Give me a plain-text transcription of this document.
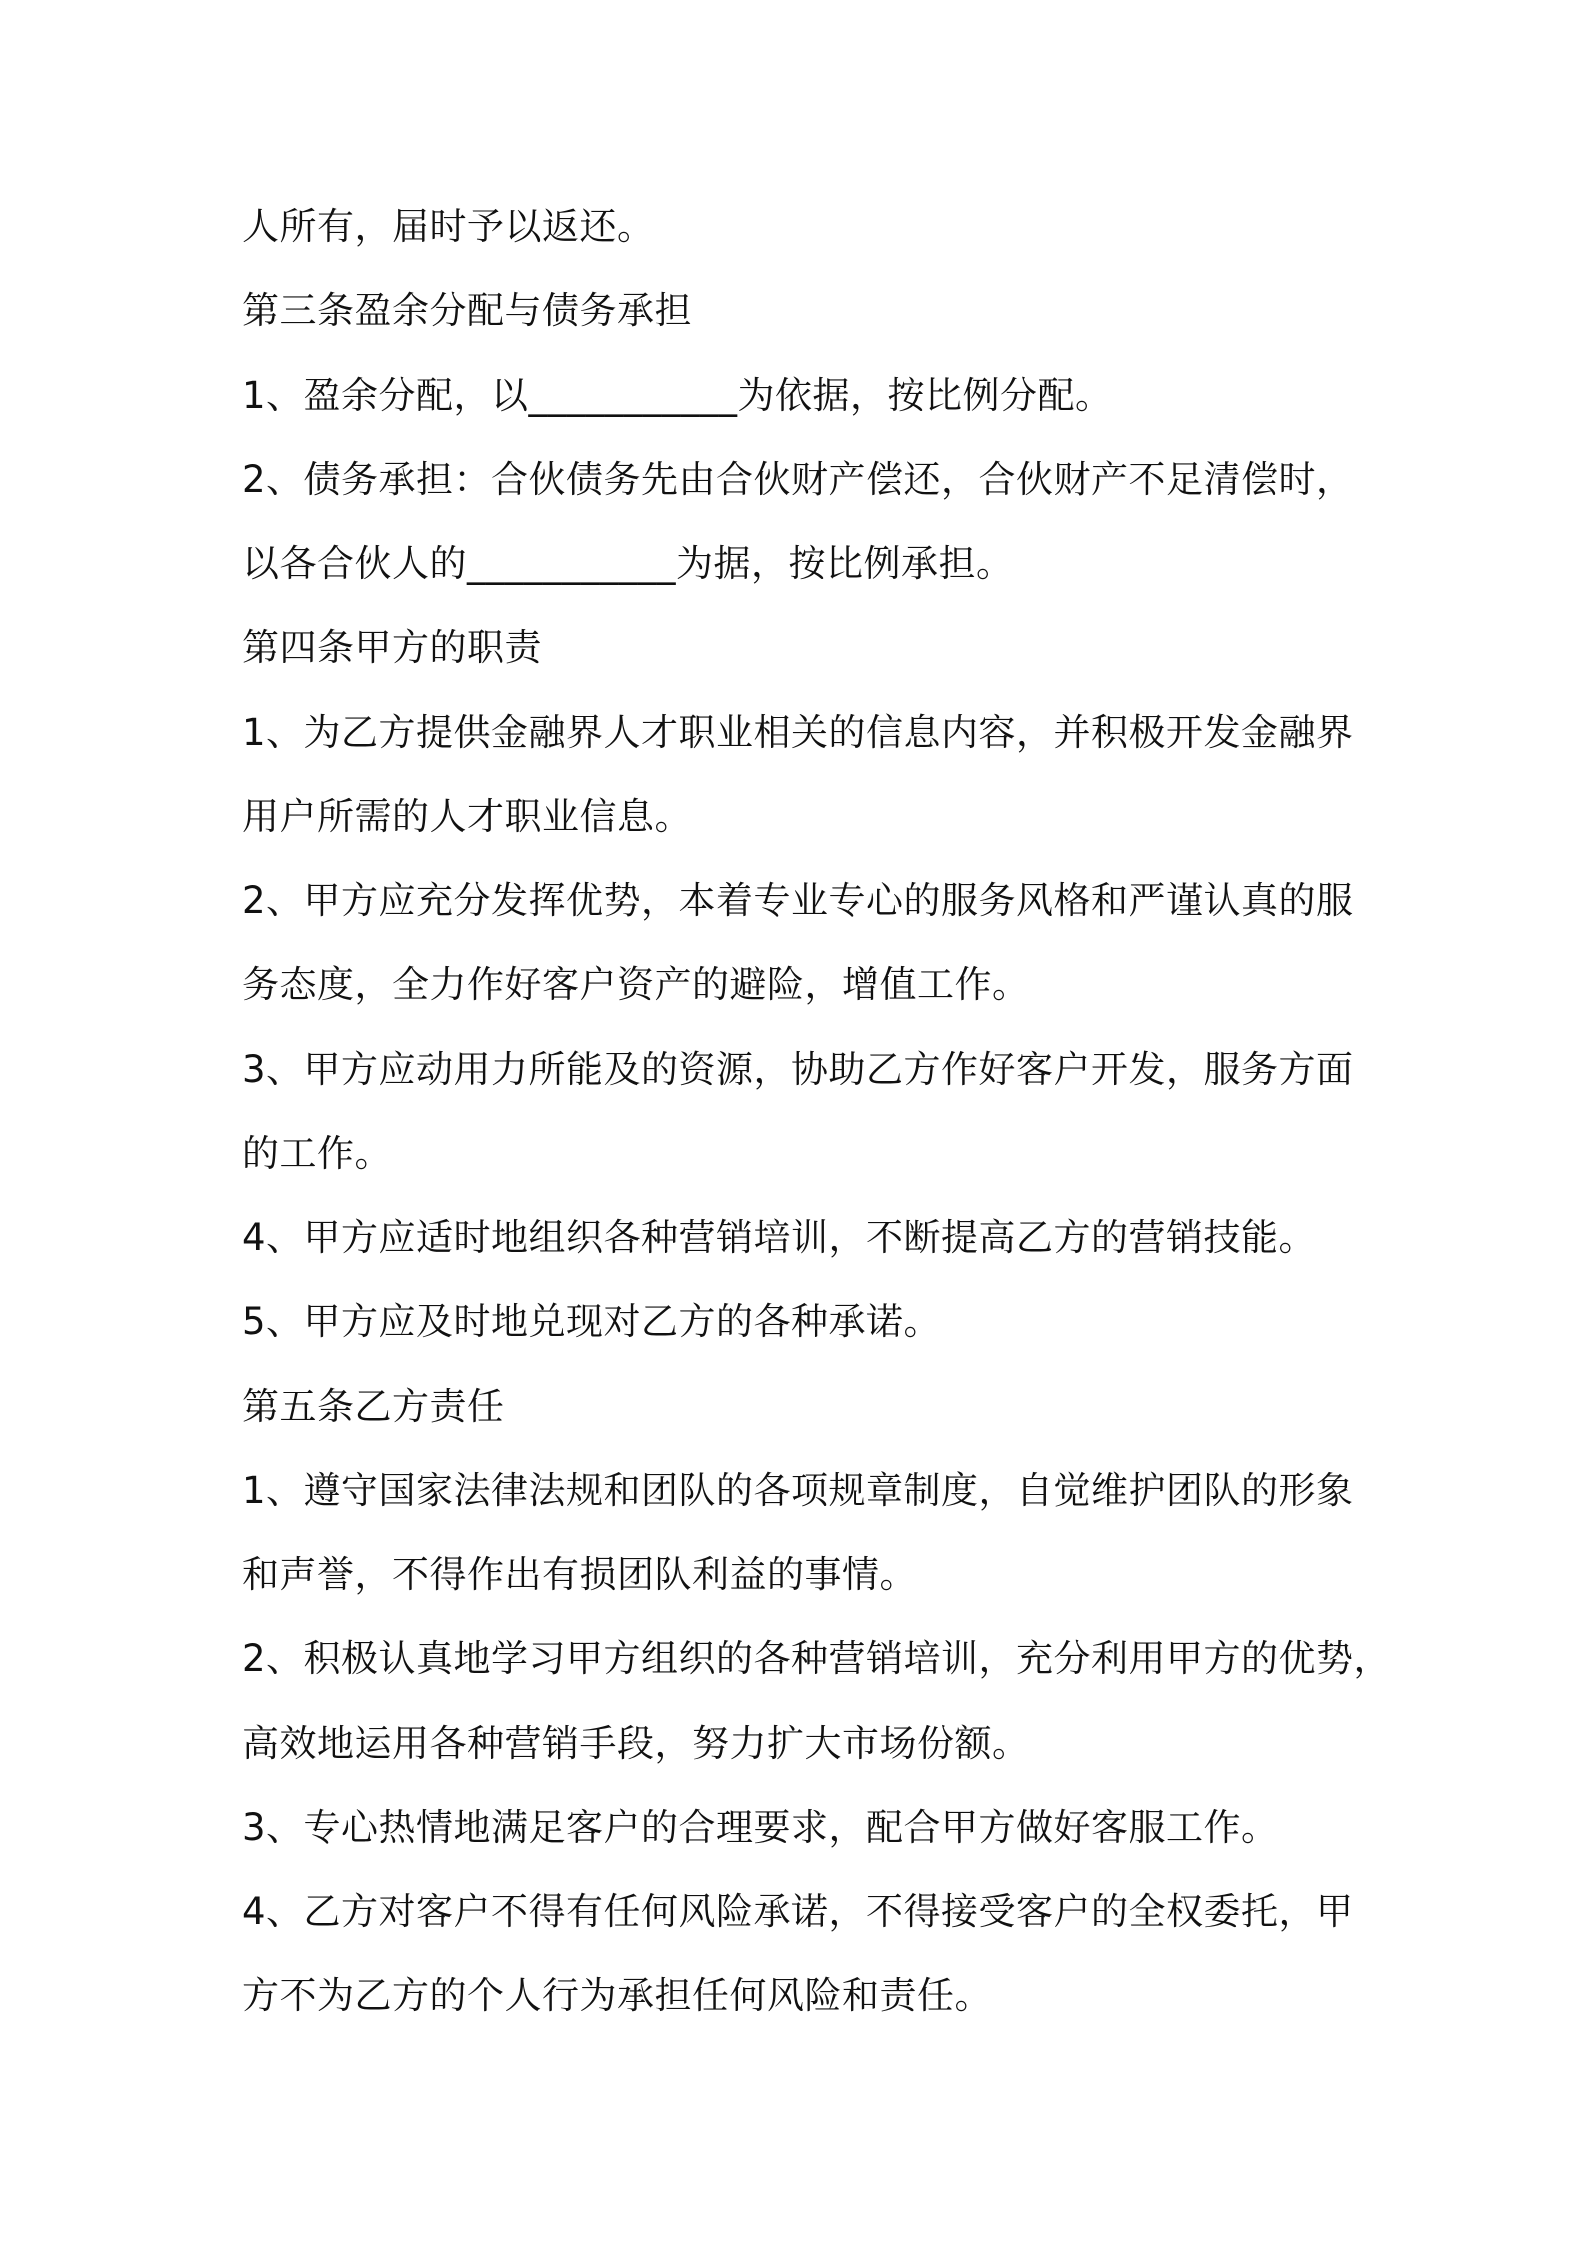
人所有，届时予以返还。
第三条盈余分配与债务承担
1、盈余分配，以___________为依据，按比例分配。
2、债务承担：合伙债务先由合伙财产偿还，合伙财产不足清偿时，
以各合伙人的___________为据，按比例承担。
第四条甲方的职责
1、为乙方提供金融界人才职业相关的信息内容，并积极开发金融界
用户所需的人才职业信息。
2、甲方应充分发挥优势，本着专业专心的服务风格和严谨认真的服
务态度，全力作好客户资产的避险，增值工作。
3、甲方应动用力所能及的资源，协助乙方作好客户开发，服务方面
的工作。
4、甲方应适时地组织各种营销培训，不断提高乙方的营销技能。
5、甲方应及时地兑现对乙方的各种承诺。
第五条乙方责任
1、遵守国家法律法规和团队的各项规章制度，自觉维护团队的形象
和声誉，不得作出有损团队利益的事情。
2、积极认真地学习甲方组织的各种营销培训，充分利用甲方的优势，
高效地运用各种营销手段，努力扩大市场份额。
3、专心热情地满足客户的合理要求，配合甲方做好客服工作。
4、乙方对客户不得有任何风险承诺，不得接受客户的全权委托，甲
方不为乙方的个人行为承担任何风险和责任。
